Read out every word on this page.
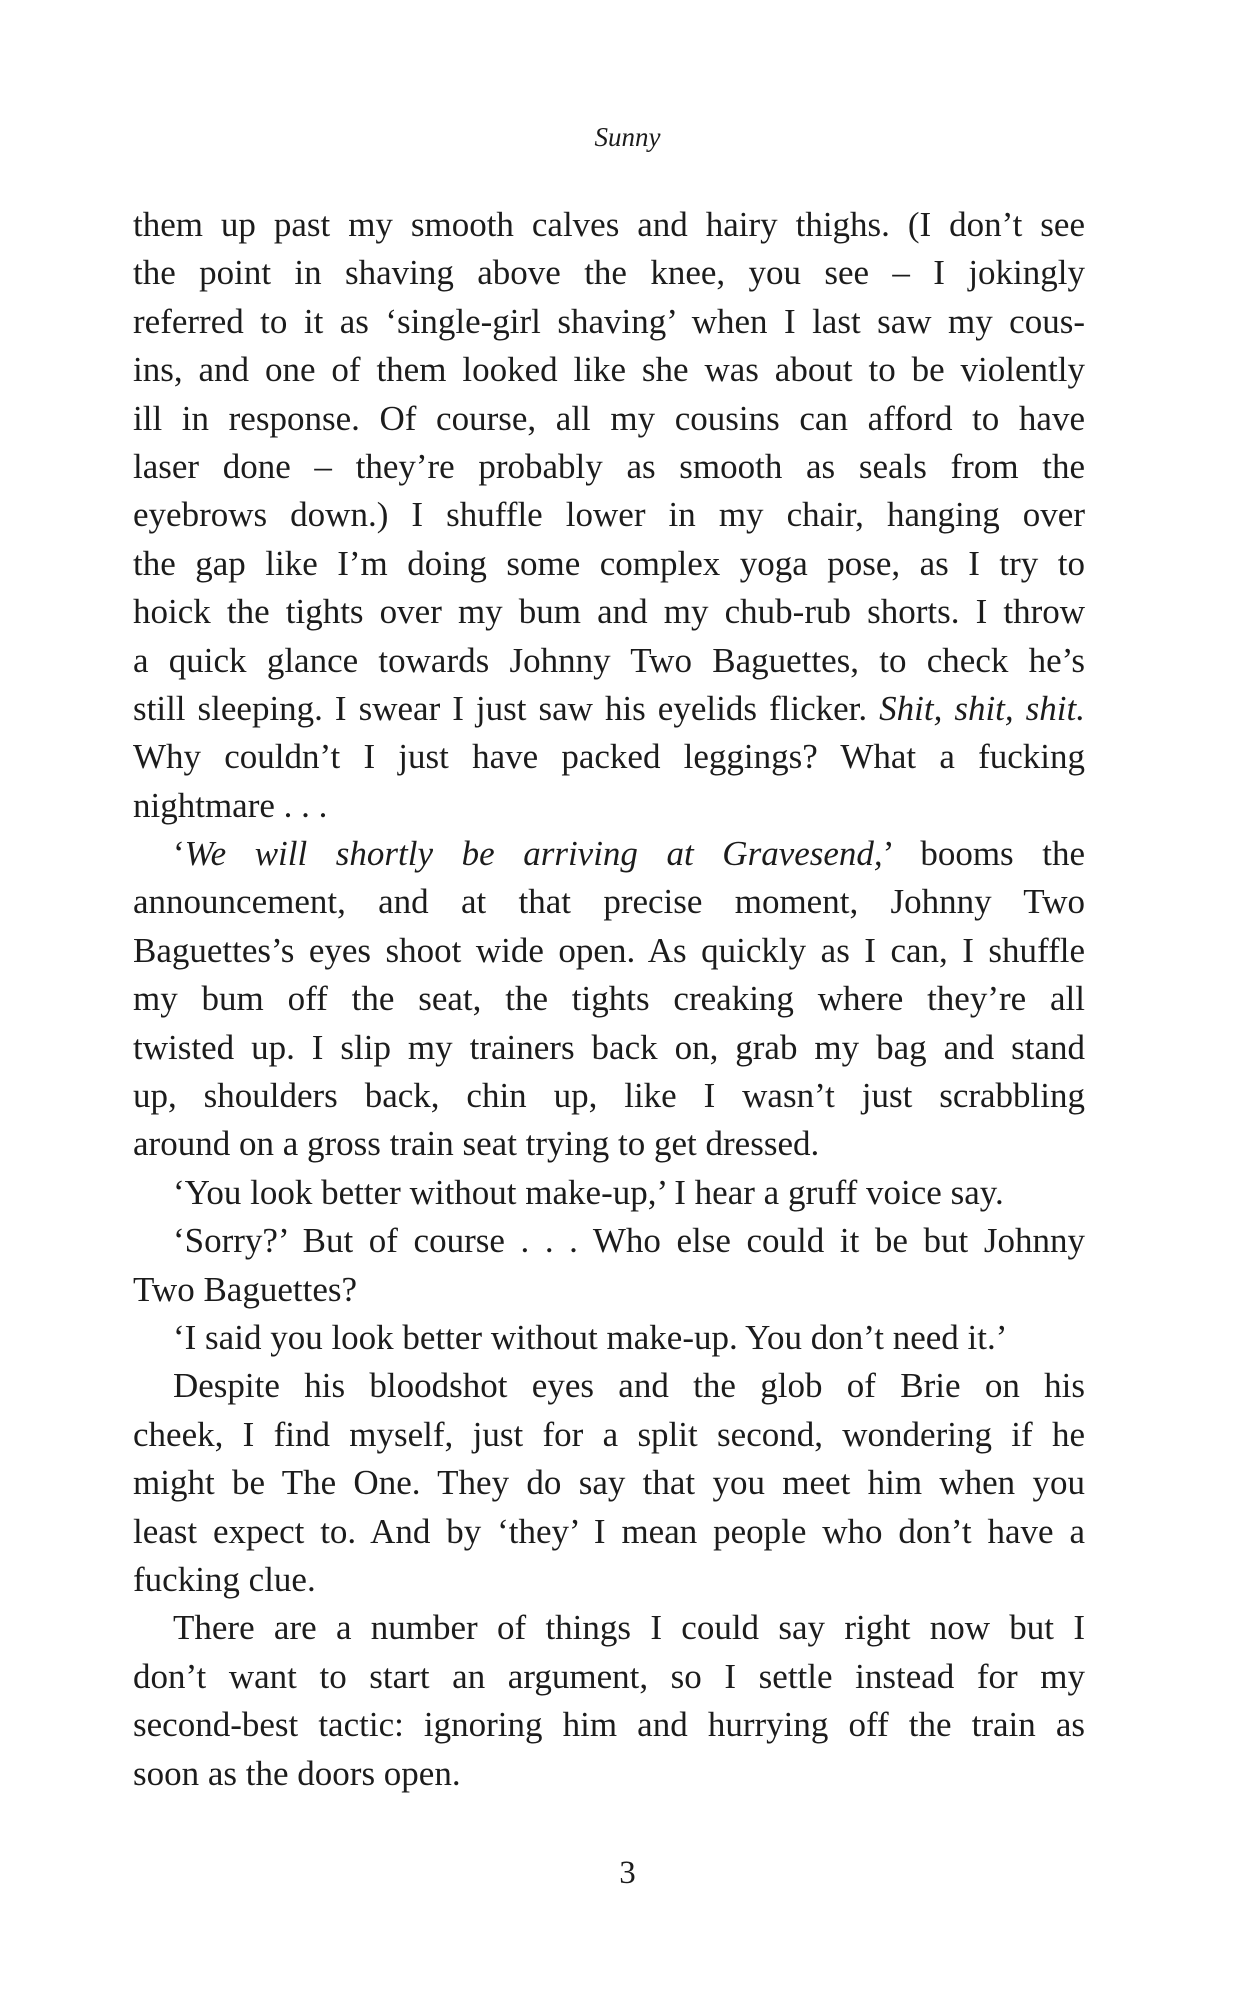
Sunny
them up past my smooth calves and hairy thighs. (I don’t see
the point in shaving above the knee, you see – I jokingly
referred to it as ‘single-girl shaving’ when I last saw my cous-
ins, and one of them looked like she was about to be violently
ill in response. Of course, all my cousins can afford to have
laser done – they’re probably as smooth as seals from the
eyebrows down.) I shuffle lower in my chair, hanging over
the gap like I’m doing some complex yoga pose, as I try to
hoick the tights over my bum and my chub-rub shorts. I throw
a quick glance towards Johnny Two Baguettes, to check he’s
still sleeping. I swear I just saw his eyelids flicker. Shit, shit, shit.
Why couldn’t I just have packed leggings? What a fucking
nightmare . . .
‘We will shortly be arriving at Gravesend,’ booms the
announcement, and at that precise moment, Johnny Two
Baguettes’s eyes shoot wide open. As quickly as I can, I shuffle
my bum off the seat, the tights creaking where they’re all
twisted up. I slip my trainers back on, grab my bag and stand
up, shoulders back, chin up, like I wasn’t just scrabbling
around on a gross train seat trying to get dressed.
‘You look better without make-up,’ I hear a gruff voice say.
‘Sorry?’ But of course . . . Who else could it be but Johnny
Two Baguettes?
‘I said you look better without make-up. You don’t need it.’
Despite his bloodshot eyes and the glob of Brie on his
cheek, I find myself, just for a split second, wondering if he
might be The One. They do say that you meet him when you
least expect to. And by ‘they’ I mean people who don’t have a
fucking clue.
There are a number of things I could say right now but I
don’t want to start an argument, so I settle instead for my
second-best tactic: ignoring him and hurrying off the train as
soon as the doors open.
3
